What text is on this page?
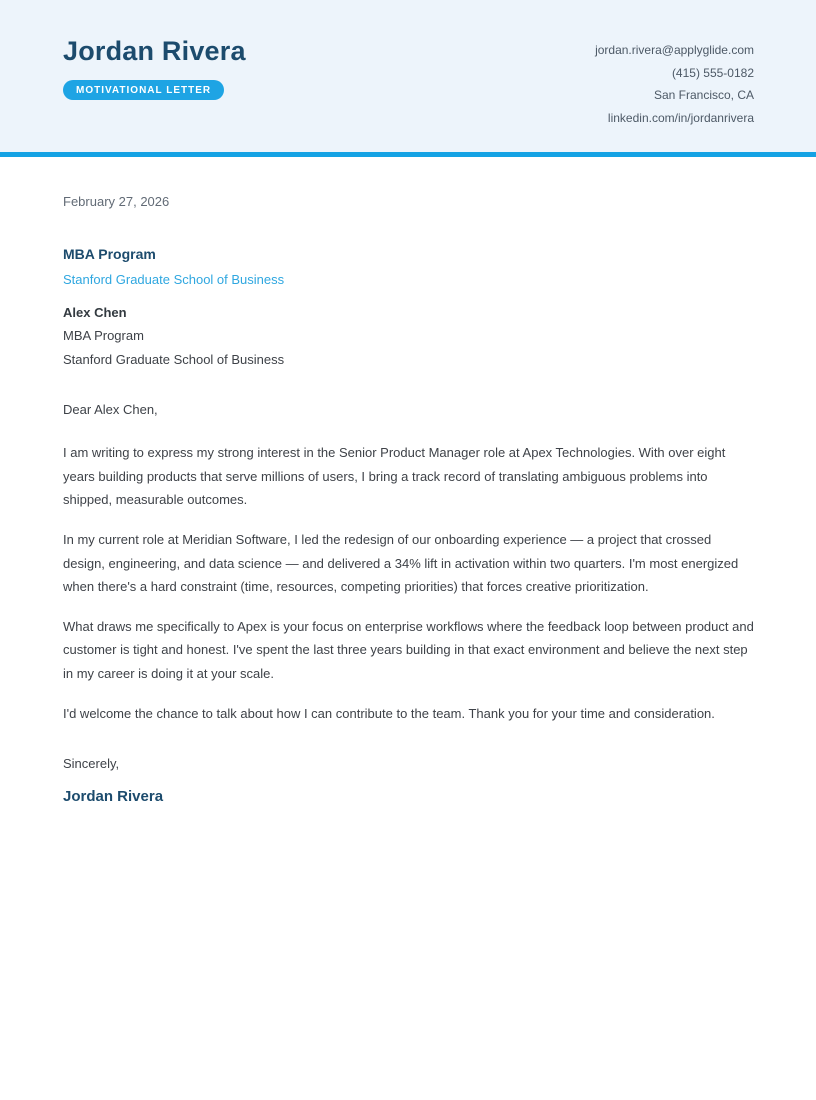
Jordan Rivera
MOTIVATIONAL LETTER
jordan.rivera@applyglide.com
(415) 555-0182
San Francisco, CA
linkedin.com/in/jordanrivera
February 27, 2026
MBA Program
Stanford Graduate School of Business
Alex Chen
MBA Program
Stanford Graduate School of Business
Dear Alex Chen,

I am writing to express my strong interest in the Senior Product Manager role at Apex Technologies. With over eight years building products that serve millions of users, I bring a track record of translating ambiguous problems into shipped, measurable outcomes.

In my current role at Meridian Software, I led the redesign of our onboarding experience — a project that crossed design, engineering, and data science — and delivered a 34% lift in activation within two quarters. I'm most energized when there's a hard constraint (time, resources, competing priorities) that forces creative prioritization.

What draws me specifically to Apex is your focus on enterprise workflows where the feedback loop between product and customer is tight and honest. I've spent the last three years building in that exact environment and believe the next step in my career is doing it at your scale.

I'd welcome the chance to talk about how I can contribute to the team. Thank you for your time and consideration.

Sincerely,
Jordan Rivera
